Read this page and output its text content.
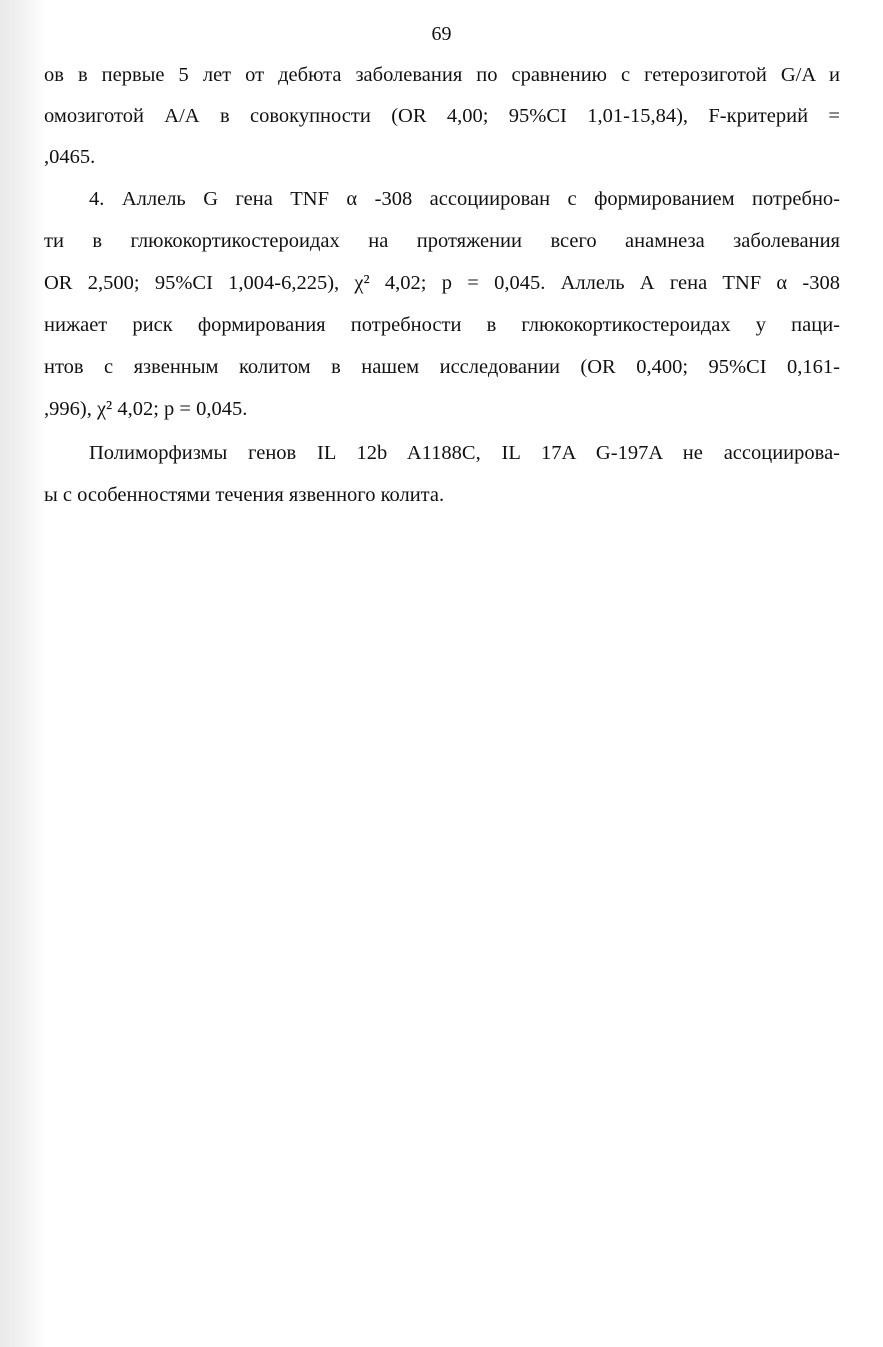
69
ов в первые 5 лет от дебюта заболевания по сравнению с гетерозиготой G/A и
омозиготой А/А в совокупности (OR 4,00; 95%CI 1,01-15,84), F-критерий =
,0465.
4. Аллель G гена TNF α -308 ассоциирован с формированием потребно-
ти в глюкокортикостероидах на протяжении всего анамнеза заболевания
OR 2,500; 95%CI 1,004-6,225), χ² 4,02; p = 0,045. Аллель А гена TNF α -308
нижает риск формирования потребности в глюкокортикостероидах у паци-
нтов с язвенным колитом в нашем исследовании (OR 0,400; 95%CI 0,161-
,996), χ² 4,02; p = 0,045.
Полиморфизмы генов IL 12b A1188C, IL 17A G-197A не ассоциирова-
ы с особенностями течения язвенного колита.
